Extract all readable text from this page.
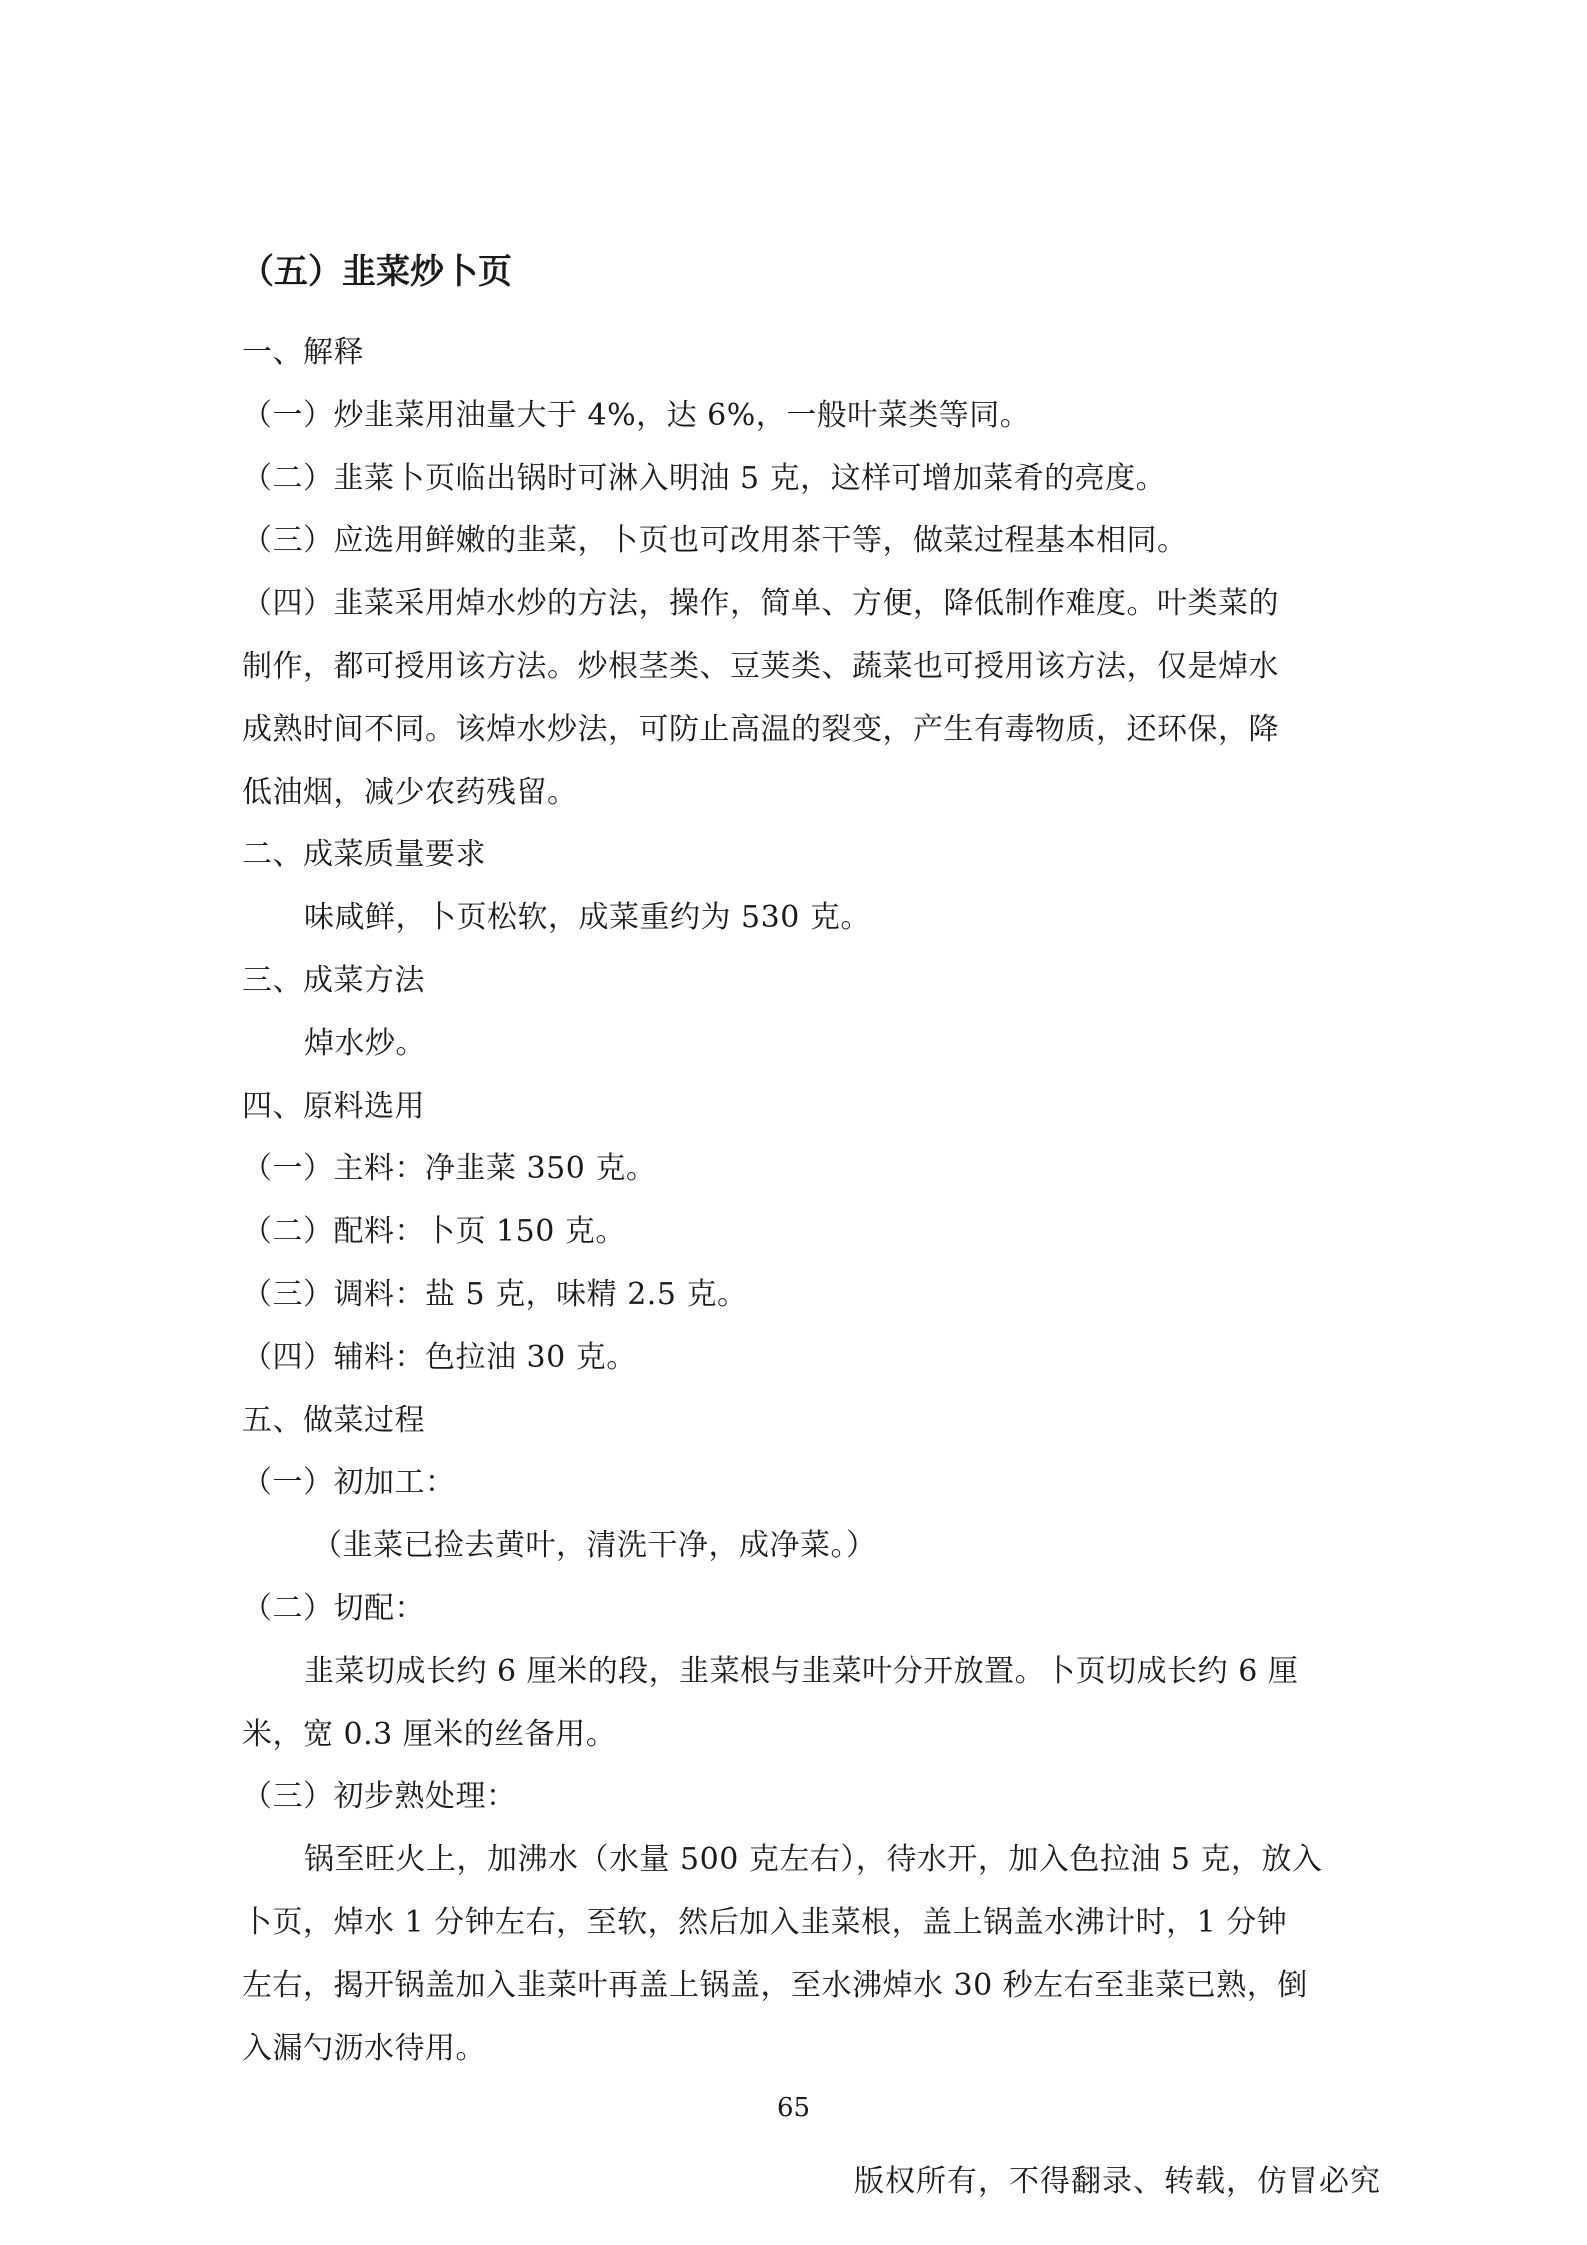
（五）韭菜炒卜页
一、解释
（一）炒韭菜用油量大于 4%，达 6%，一般叶菜类等同。
（二）韭菜卜页临出锅时可淋入明油 5 克，这样可增加菜肴的亮度。
（三）应选用鲜嫩的韭菜，卜页也可改用茶干等，做菜过程基本相同。
（四）韭菜采用焯水炒的方法，操作，简单、方便，降低制作难度。叶类菜的
制作，都可授用该方法。炒根茎类、豆荚类、蔬菜也可授用该方法，仅是焯水
成熟时间不同。该焯水炒法，可防止高温的裂变，产生有毒物质，还环保，降
低油烟，减少农药残留。
二、成菜质量要求
味咸鲜，卜页松软，成菜重约为 530 克。
三、成菜方法
焯水炒。
四、原料选用
（一）主料：净韭菜 350 克。
（二）配料：卜页 150 克。
（三）调料：盐 5 克，味精 2.5 克。
（四）辅料：色拉油 30 克。
五、做菜过程
（一）初加工：
（韭菜已捡去黄叶，清洗干净，成净菜。）
（二）切配：
韭菜切成长约 6 厘米的段，韭菜根与韭菜叶分开放置。卜页切成长约 6 厘
米，宽 0.3 厘米的丝备用。
（三）初步熟处理：
锅至旺火上，加沸水（水量 500 克左右），待水开，加入色拉油 5 克，放入
卜页，焯水 1 分钟左右，至软，然后加入韭菜根，盖上锅盖水沸计时，1 分钟
左右，揭开锅盖加入韭菜叶再盖上锅盖，至水沸焯水 30 秒左右至韭菜已熟，倒
入漏勺沥水待用。
65
版权所有，不得翻录、转载，仿冒必究
